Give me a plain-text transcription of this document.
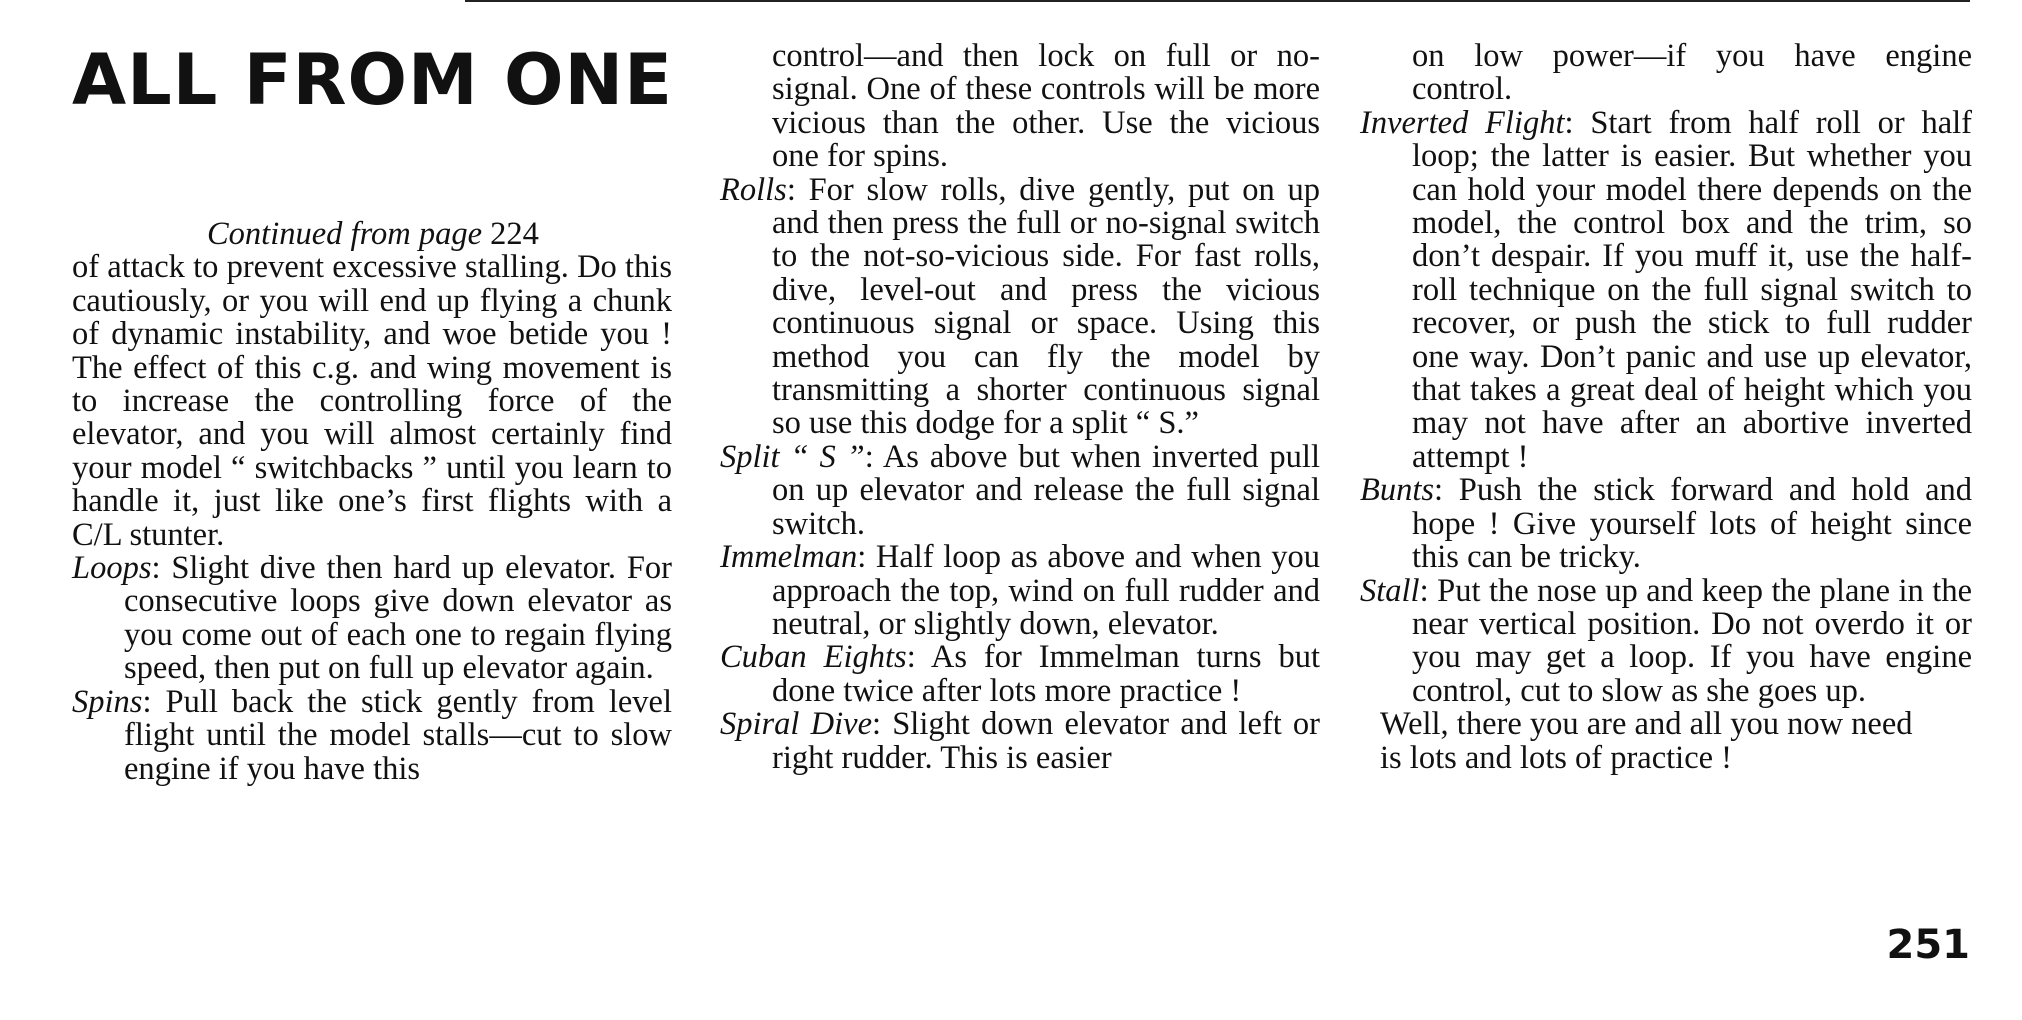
ALL FROM ONE
Continued from page 224

of attack to prevent excessive stalling. Do this cautiously, or you will end up flying a chunk of dynamic instability, and woe betide you ! The effect of this c.g. and wing movement is to increase the controlling force of the elevator, and you will almost certainly find your model “ switchbacks ” until you learn to handle it, just like one’s first flights with a C/L stunter.

Loops: Slight dive then hard up elevator. For consecutive loops give down elevator as you come out of each one to regain flying speed, then put on full up elevator again.

Spins: Pull back the stick gently from level flight until the model stalls—cut to slow engine if you have this

control—and then lock on full or no-signal. One of these controls will be more vicious than the other. Use the vicious one for spins.

Rolls: For slow rolls, dive gently, put on up and then press the full or no-signal switch to the not-so-vicious side. For fast rolls, dive, level-out and press the vicious continuous signal or space. Using this method you can fly the model by transmitting a shorter continuous signal so use this dodge for a split “ S.”

Split “ S ”: As above but when inverted pull on up elevator and release the full signal switch.

Immelman: Half loop as above and when you approach the top, wind on full rudder and neutral, or slightly down, elevator.

Cuban Eights: As for Immelman turns but done twice after lots more practice !

Spiral Dive: Slight down elevator and left or right rudder. This is easier

on low power—if you have engine control.

Inverted Flight: Start from half roll or half loop; the latter is easier. But whether you can hold your model there depends on the model, the control box and the trim, so don’t despair. If you muff it, use the half-roll technique on the full signal switch to recover, or push the stick to full rudder one way. Don’t panic and use up elevator, that takes a great deal of height which you may not have after an abortive inverted attempt !

Bunts: Push the stick forward and hold and hope ! Give yourself lots of height since this can be tricky.

Stall: Put the nose up and keep the plane in the near vertical position. Do not overdo it or you may get a loop. If you have engine control, cut to slow as she goes up.

Well, there you are and all you now need is lots and lots of practice !

251
